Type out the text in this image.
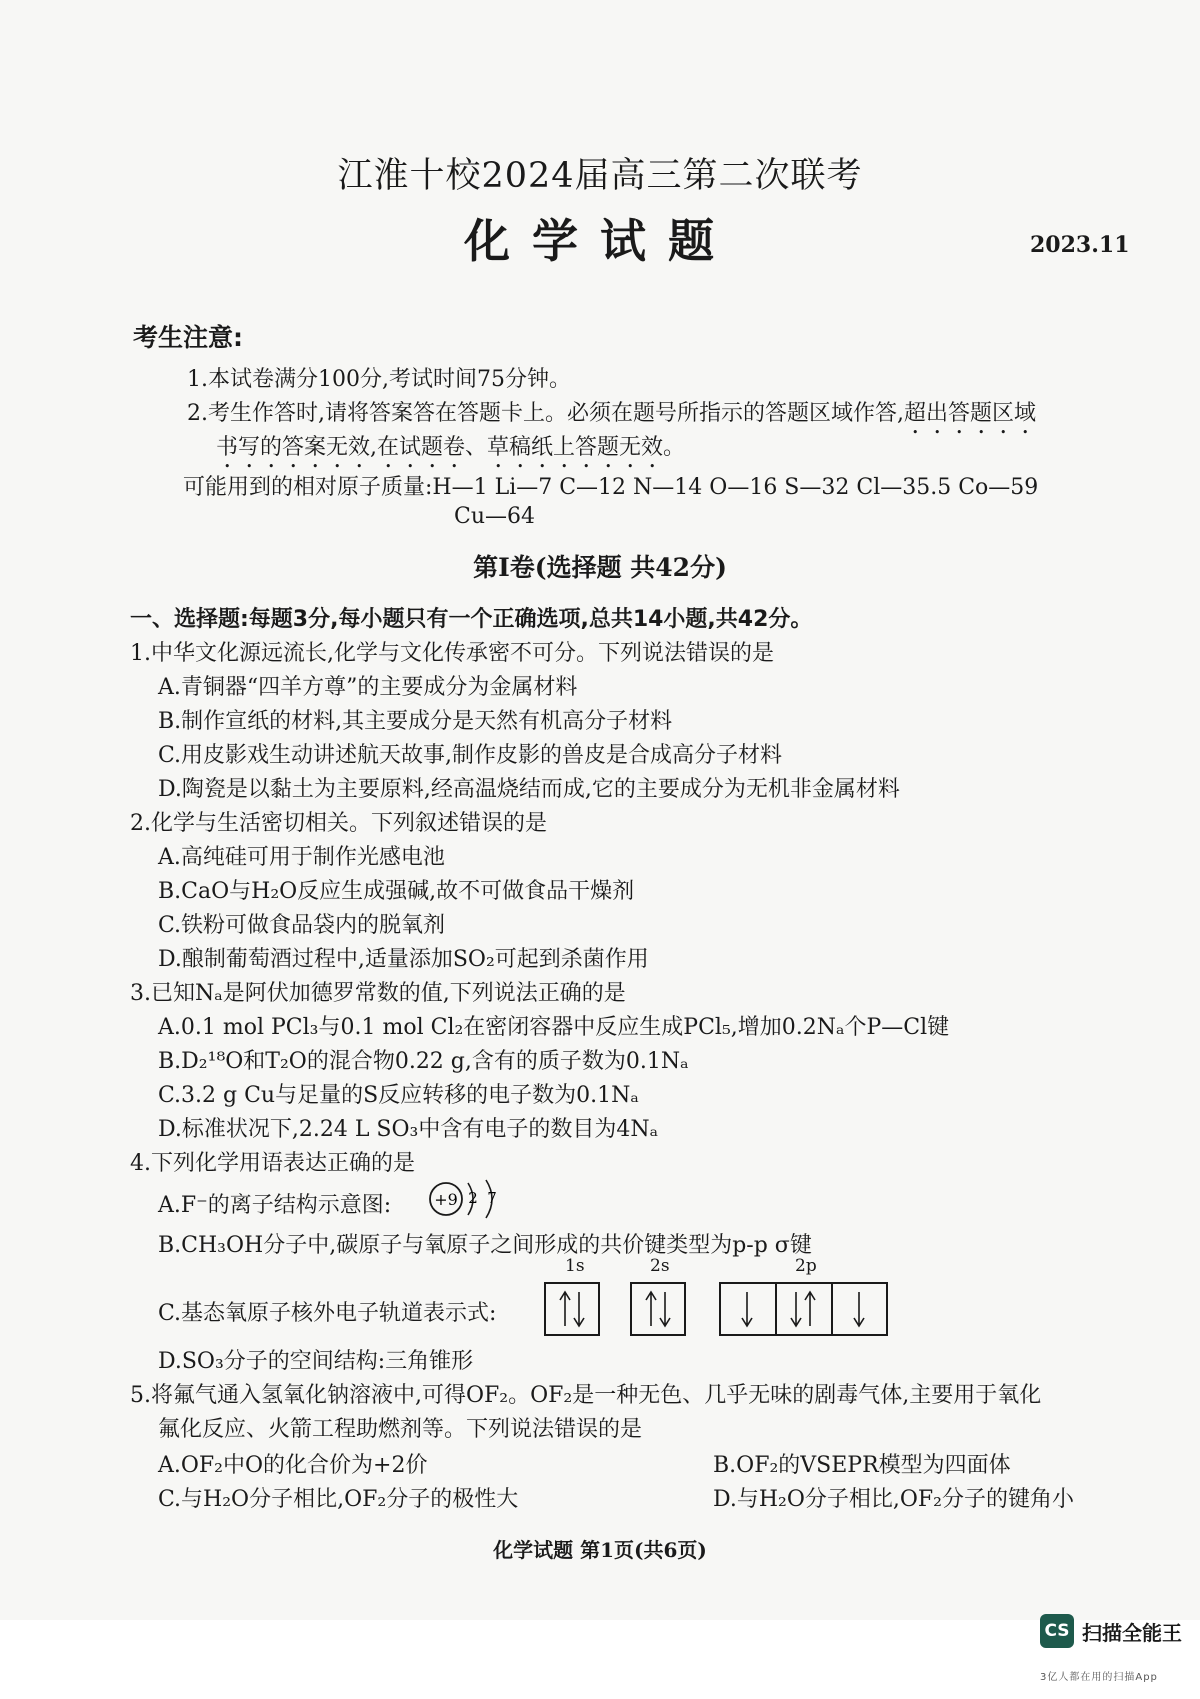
江淮十校2024届高三第二次联考
化学试题	2023.11
考生注意:
1.本试卷满分100分,考试时间75分钟。
2.考生作答时,请将答案答在答题卡上。必须在题号所指示的答题区域作答,超出答题区域
书写的答案无效,在试题卷、草稿纸上答题无效。
可能用到的相对原子质量:H—1 Li—7 C—12 N—14 O—16 S—32 Cl—35.5 Co—59
Cu—64
第Ⅰ卷(选择题 共42分)
一、选择题:每题3分,每小题只有一个正确选项,总共14小题,共42分。
1.中华文化源远流长,化学与文化传承密不可分。下列说法错误的是
A.青铜器“四羊方尊”的主要成分为金属材料
B.制作宣纸的材料,其主要成分是天然有机高分子材料
C.用皮影戏生动讲述航天故事,制作皮影的兽皮是合成高分子材料
D.陶瓷是以黏土为主要原料,经高温烧结而成,它的主要成分为无机非金属材料
2.化学与生活密切相关。下列叙述错误的是
A.高纯硅可用于制作光感电池
B.CaO与H₂O反应生成强碱,故不可做食品干燥剂
C.铁粉可做食品袋内的脱氧剂
D.酿制葡萄酒过程中,适量添加SO₂可起到杀菌作用
3.已知Nₐ是阿伏加德罗常数的值,下列说法正确的是
A.0.1 mol PCl₃与0.1 mol Cl₂在密闭容器中反应生成PCl₅,增加0.2Nₐ个P—Cl键
B.D₂¹⁸O和T₂O的混合物0.22 g,含有的质子数为0.1Nₐ
C.3.2 g Cu与足量的S反应转移的电子数为0.1Nₐ
D.标准状况下,2.24 L SO₃中含有电子的数目为4Nₐ
4.下列化学用语表达正确的是
A.F⁻的离子结构示意图:	+9 2 7
B.CH₃OH分子中,碳原子与氧原子之间形成的共价键类型为p-p σ键
1s	2s	2p
C.基态氧原子核外电子轨道表示式:
D.SO₃分子的空间结构:三角锥形
5.将氟气通入氢氧化钠溶液中,可得OF₂。OF₂是一种无色、几乎无味的剧毒气体,主要用于氧化
氟化反应、火箭工程助燃剂等。下列说法错误的是
A.OF₂中O的化合价为+2价	B.OF₂的VSEPR模型为四面体
C.与H₂O分子相比,OF₂分子的极性大	D.与H₂O分子相比,OF₂分子的键角小
化学试题 第1页(共6页)
CS 扫描全能王
3亿人都在用的扫描App
